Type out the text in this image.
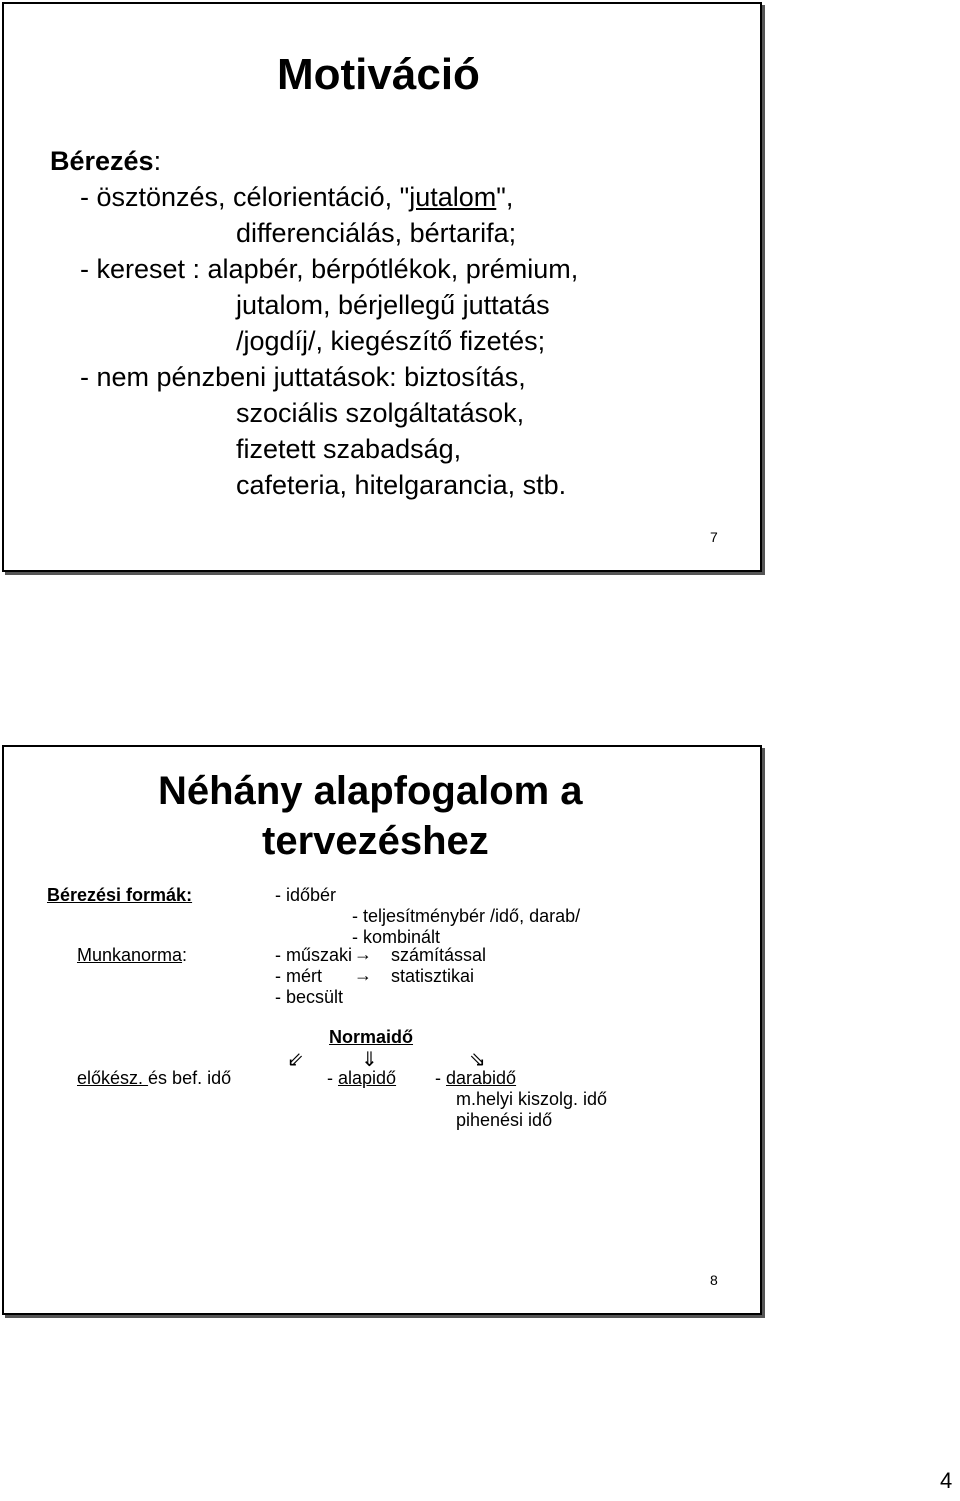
Motiváció
Bérezés:
- ösztönzés, célorientáció, "jutalom",
differenciálás, bértarifa;
- kereset : alapbér, bérpótlékok, prémium,
jutalom, bérjellegű juttatás
/jogdíj/, kiegészítő fizetés;
- nem pénzbeni juttatások: biztosítás,
szociális szolgáltatások,
fizetett szabadság,
cafeteria, hitelgarancia, stb.
7
Néhány alapfogalom a
tervezéshez
Bérezési formák:	- időbér
- teljesítménybér /idő, darab/
- kombinált
Munkanorma:	- műszaki → számítással
- mért → statisztikai
- becsült
Normaidő
⇙	⇓	⇘
előkész. és bef. idő	- alapidő - darabidő
m.helyi kiszolg. idő
pihenési idő
8
4
